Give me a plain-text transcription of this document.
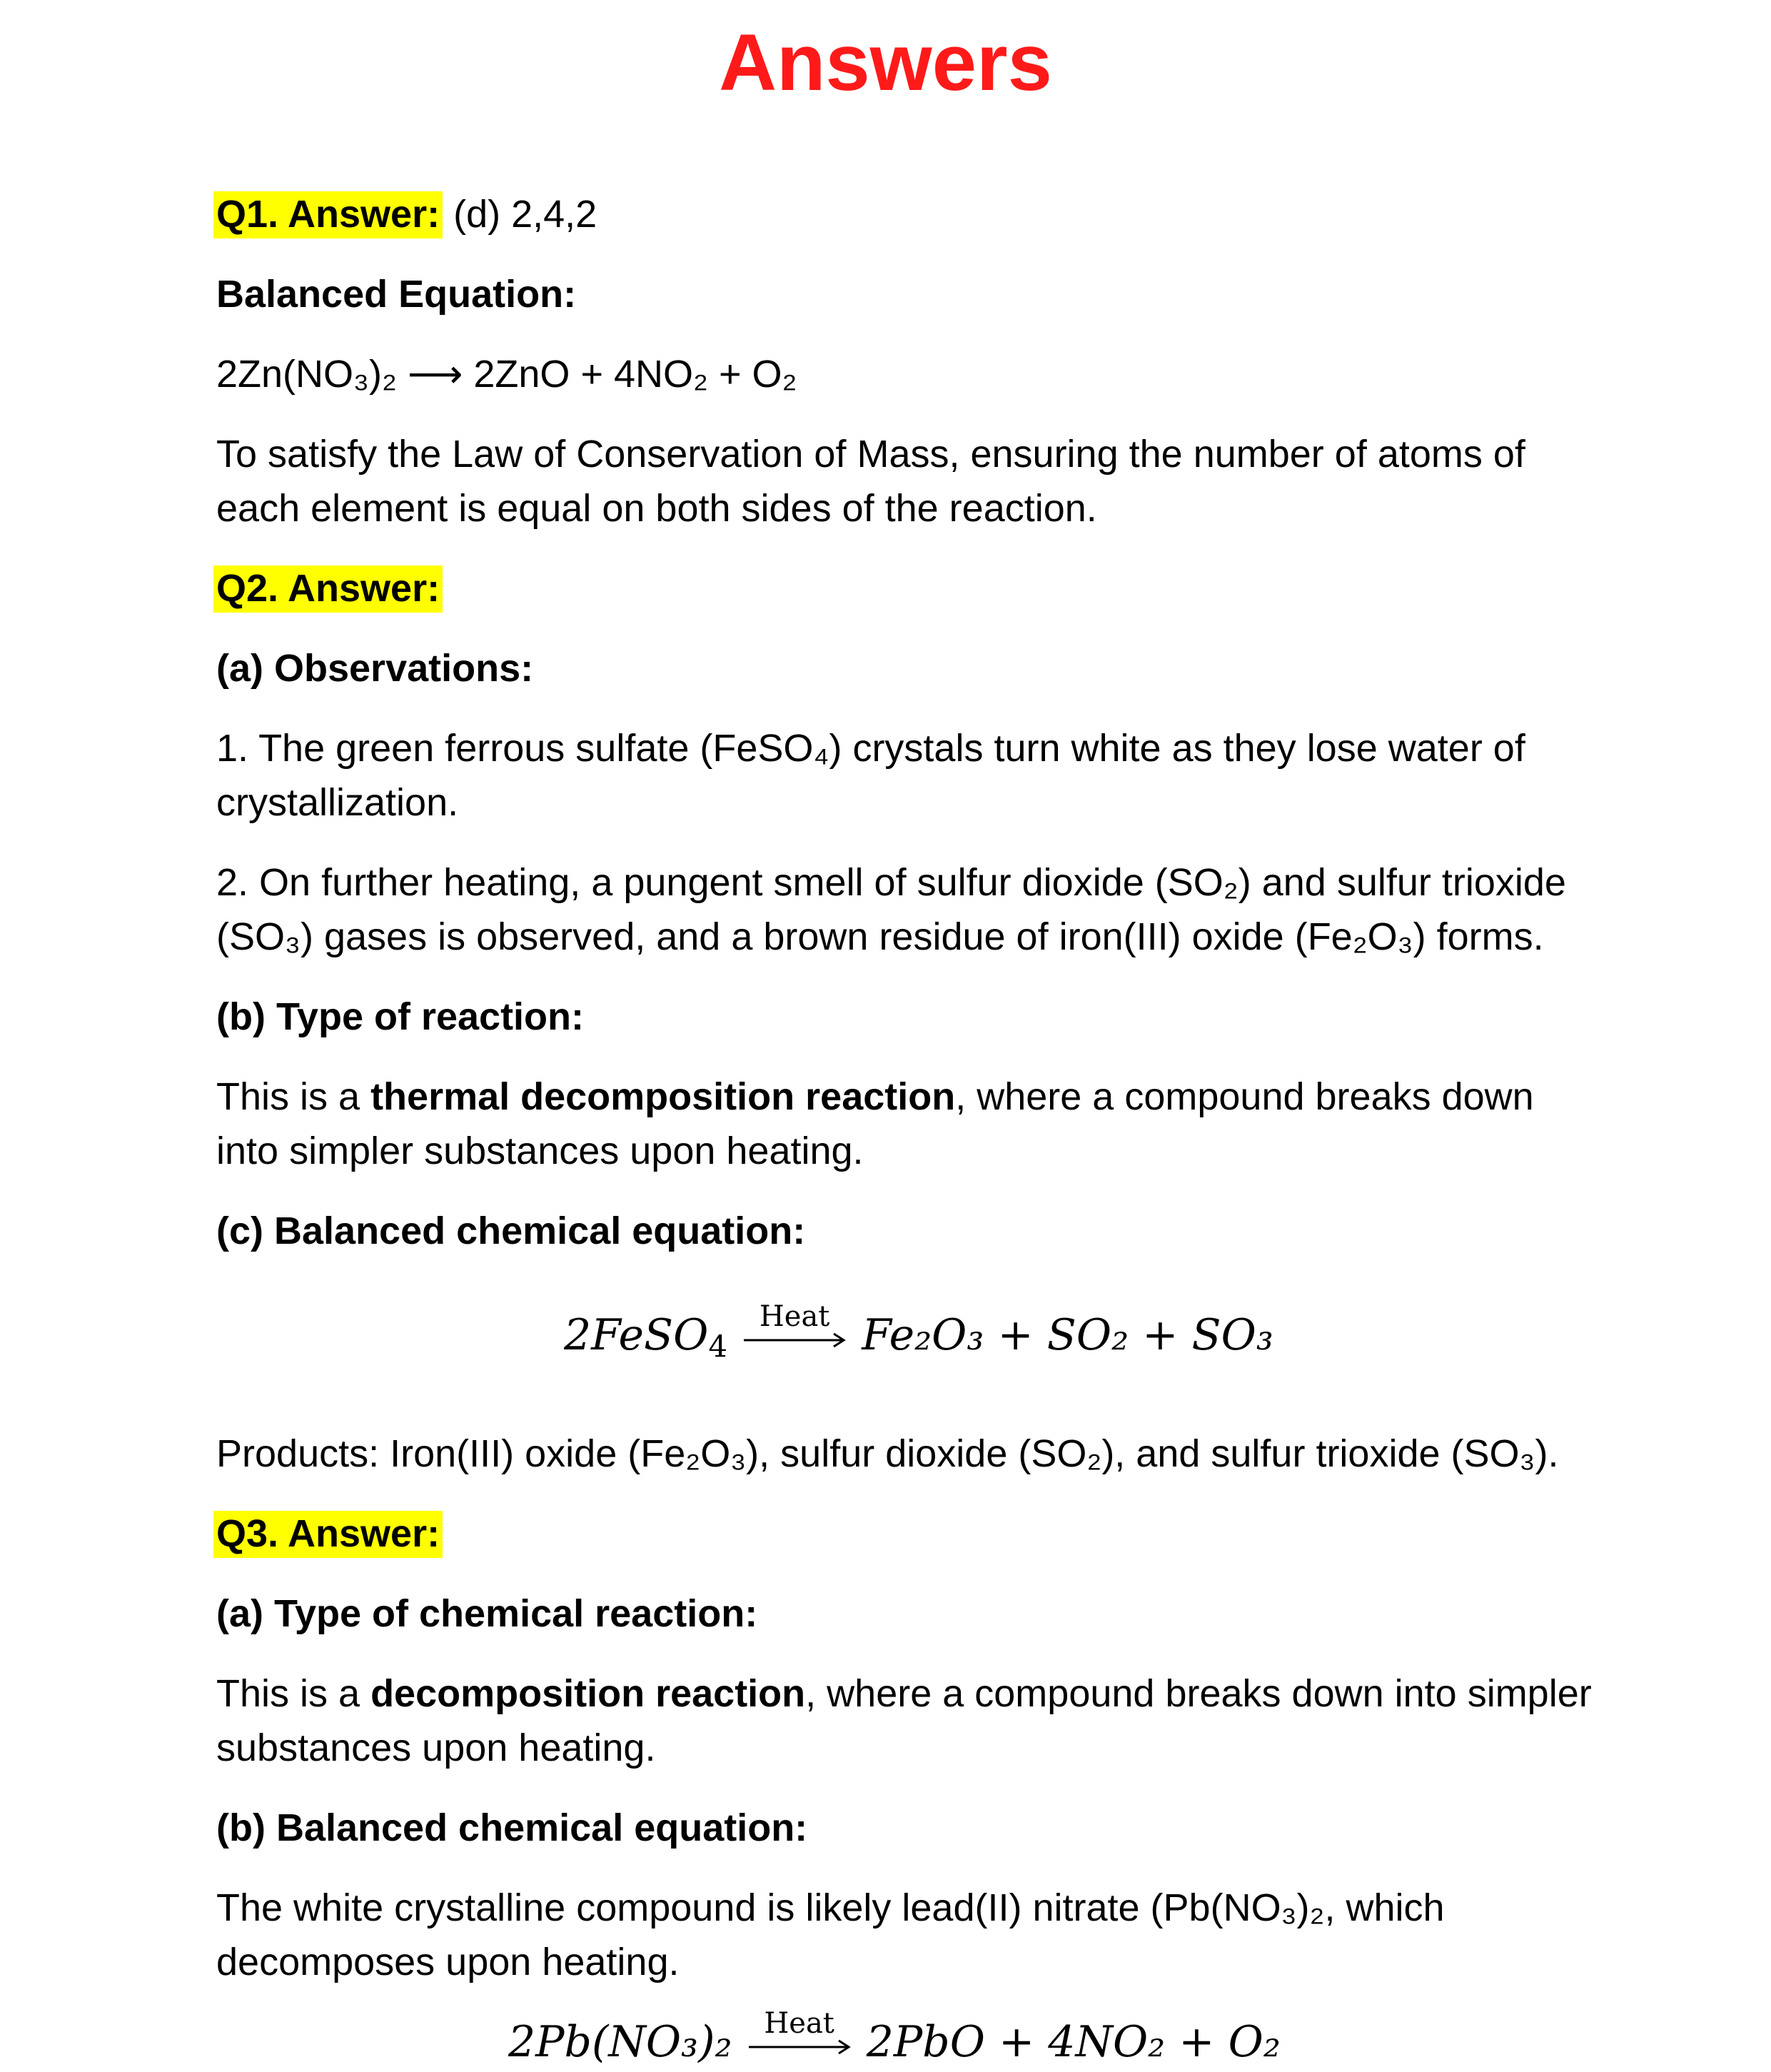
Answers
Q1. Answer: (d) 2,4,2
Balanced Equation:
2Zn(NO₃)₂ ⟶ 2ZnO + 4NO₂ + O₂
To satisfy the Law of Conservation of Mass, ensuring the number of atoms of
each element is equal on both sides of the reaction.
Q2. Answer:
(a) Observations:
1. The green ferrous sulfate (FeSO₄) crystals turn white as they lose water of
crystallization.
2. On further heating, a pungent smell of sulfur dioxide (SO₂) and sulfur trioxide
(SO₃) gases is observed, and a brown residue of iron(III) oxide (Fe₂O₃) forms.
(b) Type of reaction:
This is a thermal decomposition reaction, where a compound breaks down
into simpler substances upon heating.
(c) Balanced chemical equation:
Products: Iron(III) oxide (Fe₂O₃), sulfur dioxide (SO₂), and sulfur trioxide (SO₃).
Q3. Answer:
(a) Type of chemical reaction:
This is a decomposition reaction, where a compound breaks down into simpler
substances upon heating.
(b) Balanced chemical equation:
The white crystalline compound is likely lead(II) nitrate (Pb(NO₃)₂, which
decomposes upon heating.
2FeSO$_4$
Heat Fe₂O₃ + SO₂ + SO₃
2Pb(NO₃)₂	Heat 2PbO + 4NO₂ + O₂
